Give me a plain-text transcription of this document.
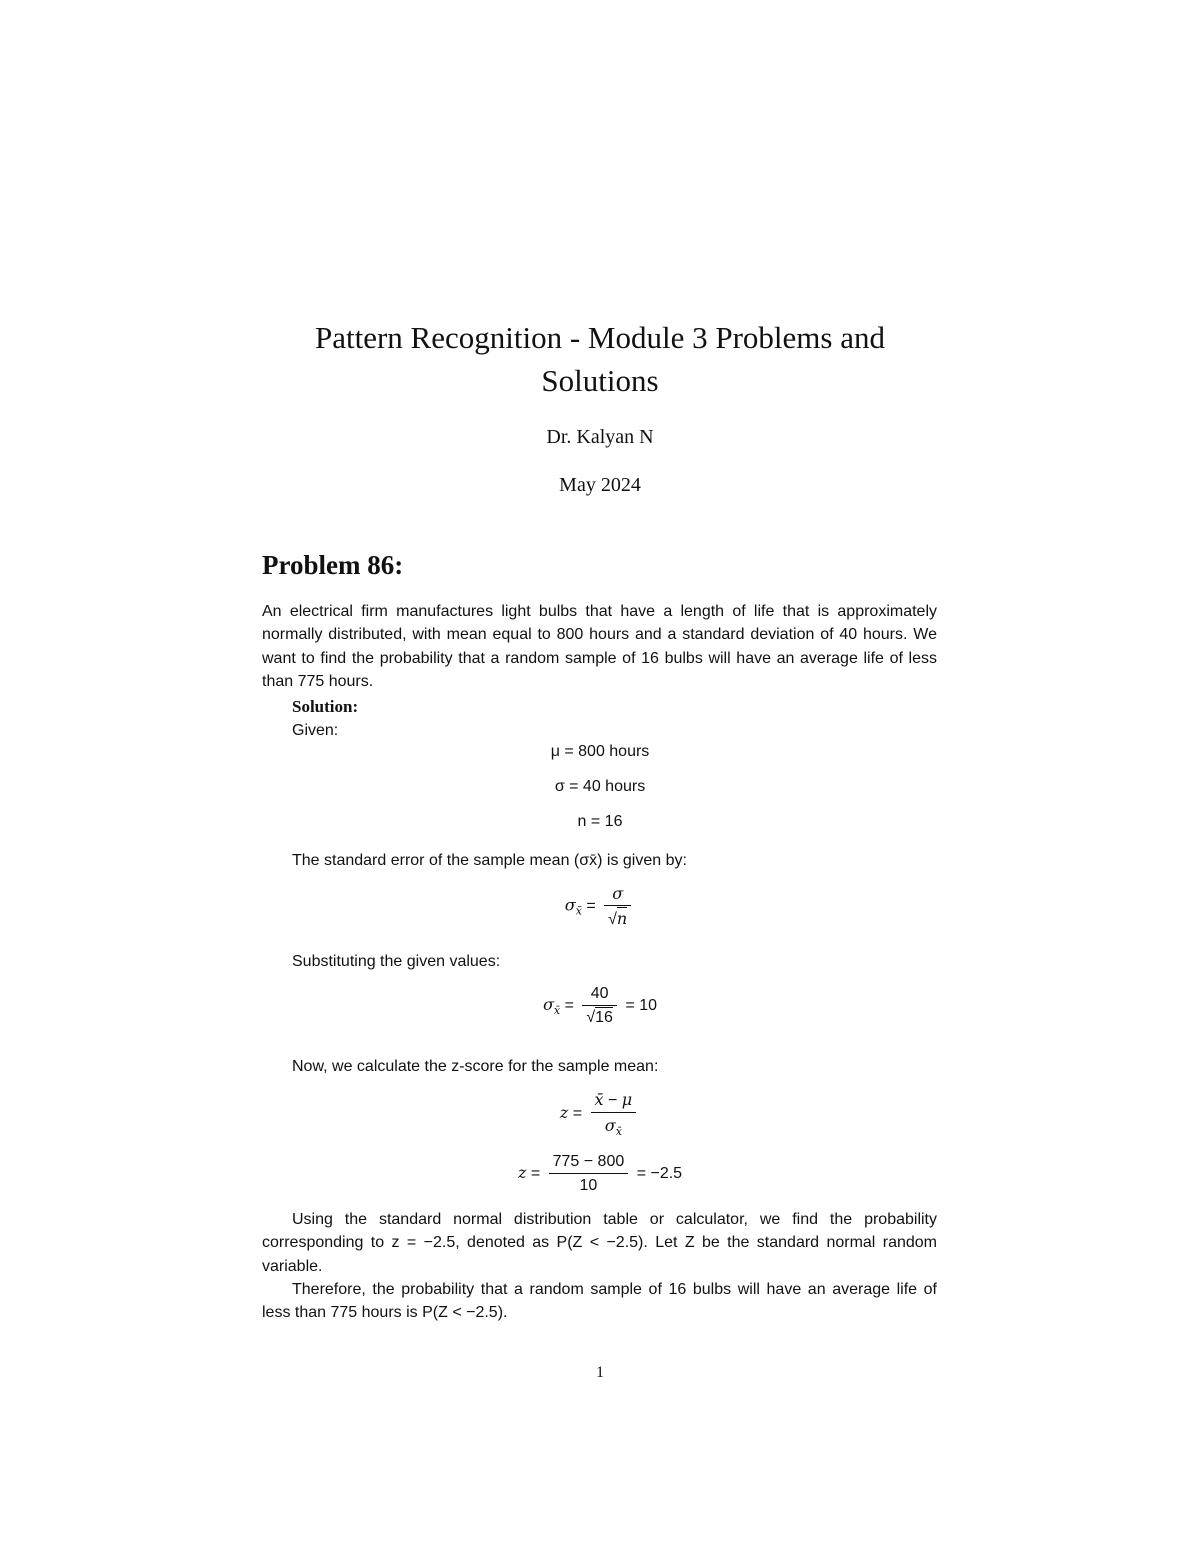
Pattern Recognition - Module 3 Problems and Solutions
Dr. Kalyan N
May 2024
Problem 86:
An electrical firm manufactures light bulbs that have a length of life that is approximately normally distributed, with mean equal to 800 hours and a standard deviation of 40 hours. We want to find the probability that a random sample of 16 bulbs will have an average life of less than 775 hours.
Solution:
Given:
μ = 800 hours
σ = 40 hours
n = 16
The standard error of the sample mean (σx̄) is given by:
$\sigma_{x̄} = \frac{\sigma}{√n}$
Substituting the given values:
$\sigma_{x̄} = \frac{40}{√16} = 10$
Now, we calculate the z-score for the sample mean:
$z = \frac{x̄ - \mu}{\sigma_{x̄}}$
$z = \frac{775 - 800}{10} = -2.5$
Using the standard normal distribution table or calculator, we find the probability corresponding to z = −2.5, denoted as P(Z < −2.5). Let Z be the standard normal random variable.
Therefore, the probability that a random sample of 16 bulbs will have an average life of less than 775 hours is P(Z < −2.5).
1
